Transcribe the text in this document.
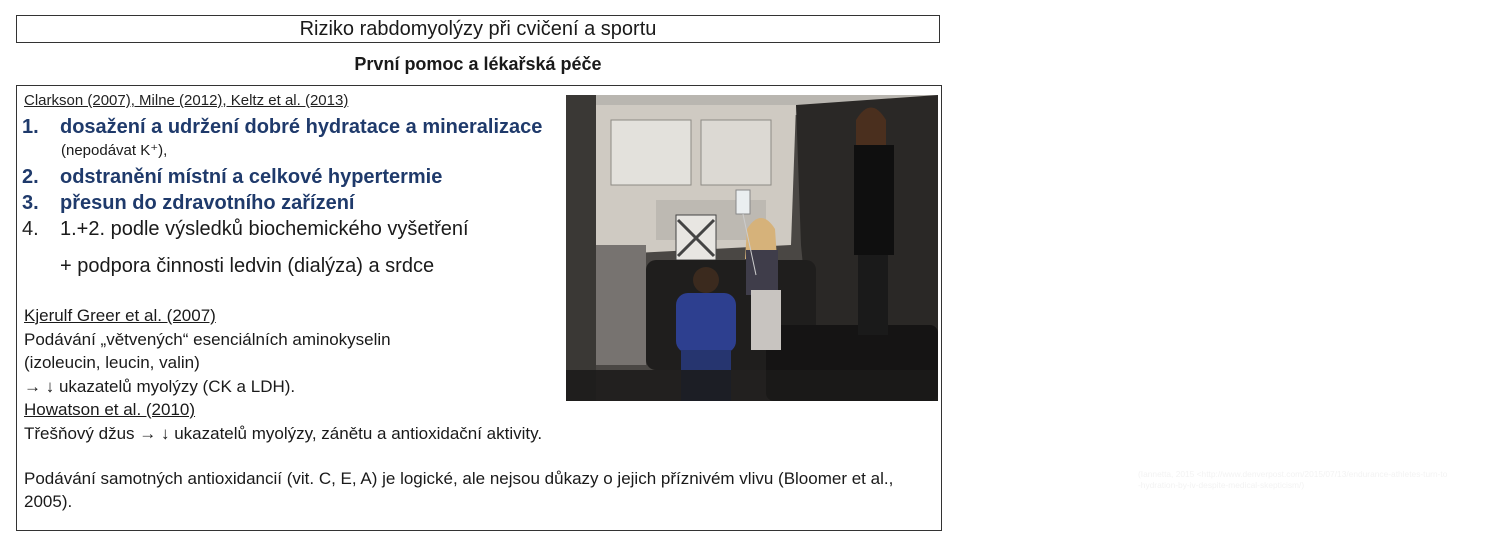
Riziko rabdomyolýzy při cvičení a sportu
První pomoc a lékařská péče
Clarkson (2007), Milne (2012), Keltz et al. (2013)
1. dosažení a udržení dobré hydratace a mineralizace
2. odstranění místní a celkové hypertermie
3. přesun do zdravotního zařízení
4. 1.+2. podle výsledků biochemického vyšetření
(nepodávat K⁺),
+ podpora činnosti ledvin (dialýza) a srdce
Kjerulf Greer et al. (2007)
Podávání „větvených“ esenciálních aminokyselin
(izoleucin, leucin, valin)
→ ↓ ukazatelů myolýzy (CK a LDH).
Howatson et al. (2010)
Třešňový džus → ↓ ukazatelů myolýzy, zánětu a antioxidační aktivity.
Podávání samotných antioxidancií (vit. C, E, A) je logické, ale nejsou důkazy o jejich příznivém vlivu (Bloomer et al., 2005).
(Iannetta, 2015 <http://www.denverpost.com/2015/07/13/endurance-athletes-turn-to
-hydration-by-iv-despite-medical-skepticism/)
